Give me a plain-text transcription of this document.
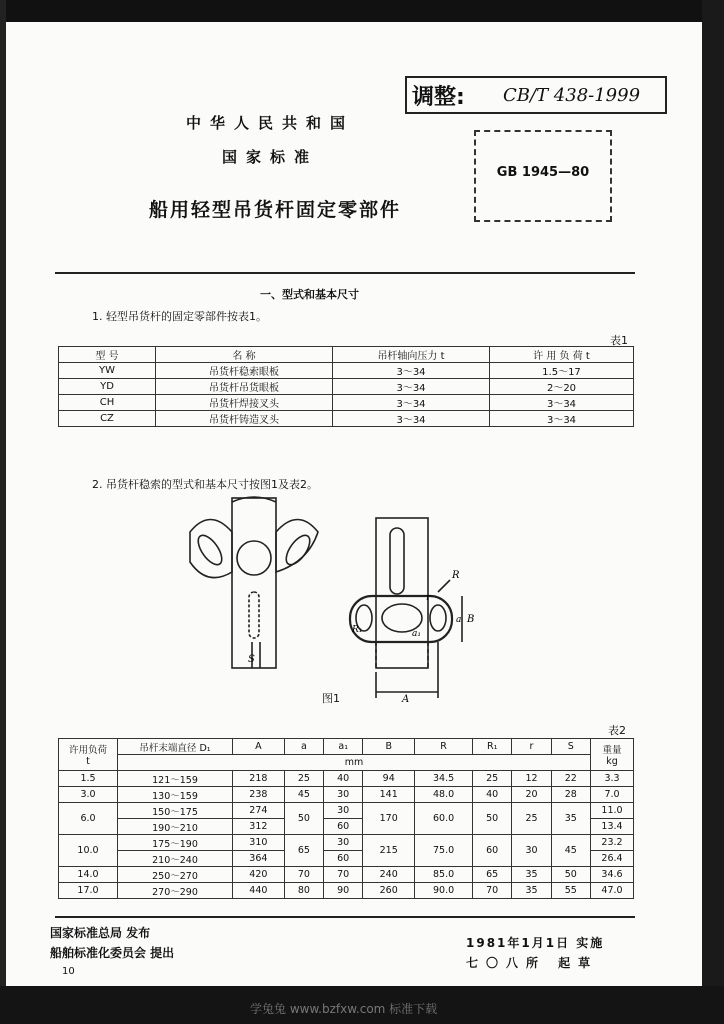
调整: CB/T 438-1999
中华人民共和国
国家标准
船用轻型吊货杆固定零部件
GB 1945—80
一、型式和基本尺寸
1. 轻型吊货杆的固定零部件按表1。
表1
型 号	名 称	吊杆轴向压力 t	许 用 负 荷 t
YW	吊货杆稳索眼板	3～34	1.5～17
YD	吊货杆吊货眼板	3～34	2～20
CH	吊货杆焊接叉头	3～34	3～34
CZ	吊货杆铸造叉头	3～34	3～34
2. 吊货杆稳索的型式和基本尺寸按图1及表2。
R
r
R₁	a₁
a B
S
A
图1
表2
许用负荷
t	吊杆末端直径 D₁	A	a	a₁	B	R	R₁	r	S	重量
kg
	mm									
1.5	121～159	218	25	40	94	34.5	25	12	22	3.3
3.0	130～159	238	45	30	141	48.0	40	20	28	7.0
6.0	150～175	274	50	30	170	60.0	50	25	35	11.0
	190～210	312		60						13.4
10.0	175～190	310	65	30	215	75.0	60	30	45	23.2
	210～240	364		60						26.4
14.0	250～270	420	70	70	240	85.0	65	35	50	34.6
17.0	270～290	440	80	90	260	90.0	70	35	55	47.0
国家标准总局 发布
船舶标准化委员会 提出
1981年1月1日 实施
七〇八所 起草
10
学兔兔 www.bzfxw.com 标准下载
